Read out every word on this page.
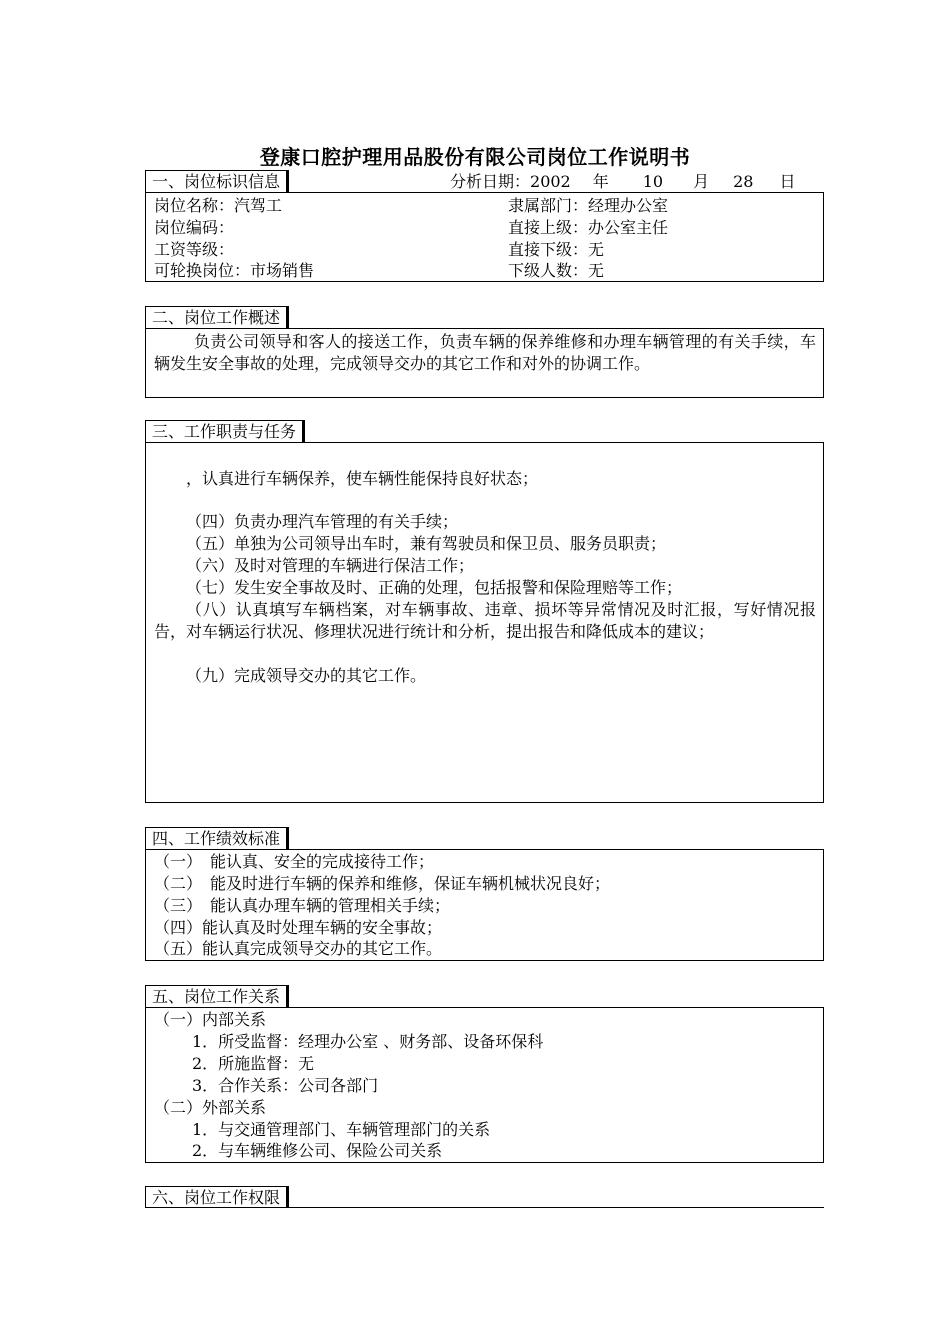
登康口腔护理用品股份有限公司岗位工作说明书
一、岗位标识信息	分析日期：2002 年 10 月 28 日
岗位名称：汽驾工
岗位编码：
工资等级：
可轮换岗位：市场销售
隶属部门：经理办公室
直接上级：办公室主任
直接下级：无
下级人数：无
二、岗位工作概述
负责公司领导和客人的接送工作，负责车辆的保养维修和办理车辆管理的有关手续，车辆发生安全事故的处理，完成领导交办的其它工作和对外的协调工作。
三、工作职责与任务
，认真进行车辆保养，使车辆性能保持良好状态；
（四）负责办理汽车管理的有关手续；
（五）单独为公司领导出车时，兼有驾驶员和保卫员、服务员职责；
（六）及时对管理的车辆进行保洁工作；
（七）发生安全事故及时、正确的处理，包括报警和保险理赔等工作；
（八）认真填写车辆档案，对车辆事故、违章、损坏等异常情况及时汇报，写好情况报告，对车辆运行状况、修理状况进行统计和分析，提出报告和降低成本的建议；
（九）完成领导交办的其它工作。
四、工作绩效标准
（一）　能认真、安全的完成接待工作；
（二）　能及时进行车辆的保养和维修，保证车辆机械状况良好；
（三）　能认真办理车辆的管理相关手续；
（四）能认真及时处理车辆的安全事故；
（五）能认真完成领导交办的其它工作。
五、岗位工作关系
（一）内部关系
1．所受监督：经理办公室 、财务部、设备环保科
2．所施监督：无
3．合作关系：公司各部门
（二）外部关系
1．与交通管理部门、车辆管理部门的关系
2．与车辆维修公司、保险公司关系
六、岗位工作权限
